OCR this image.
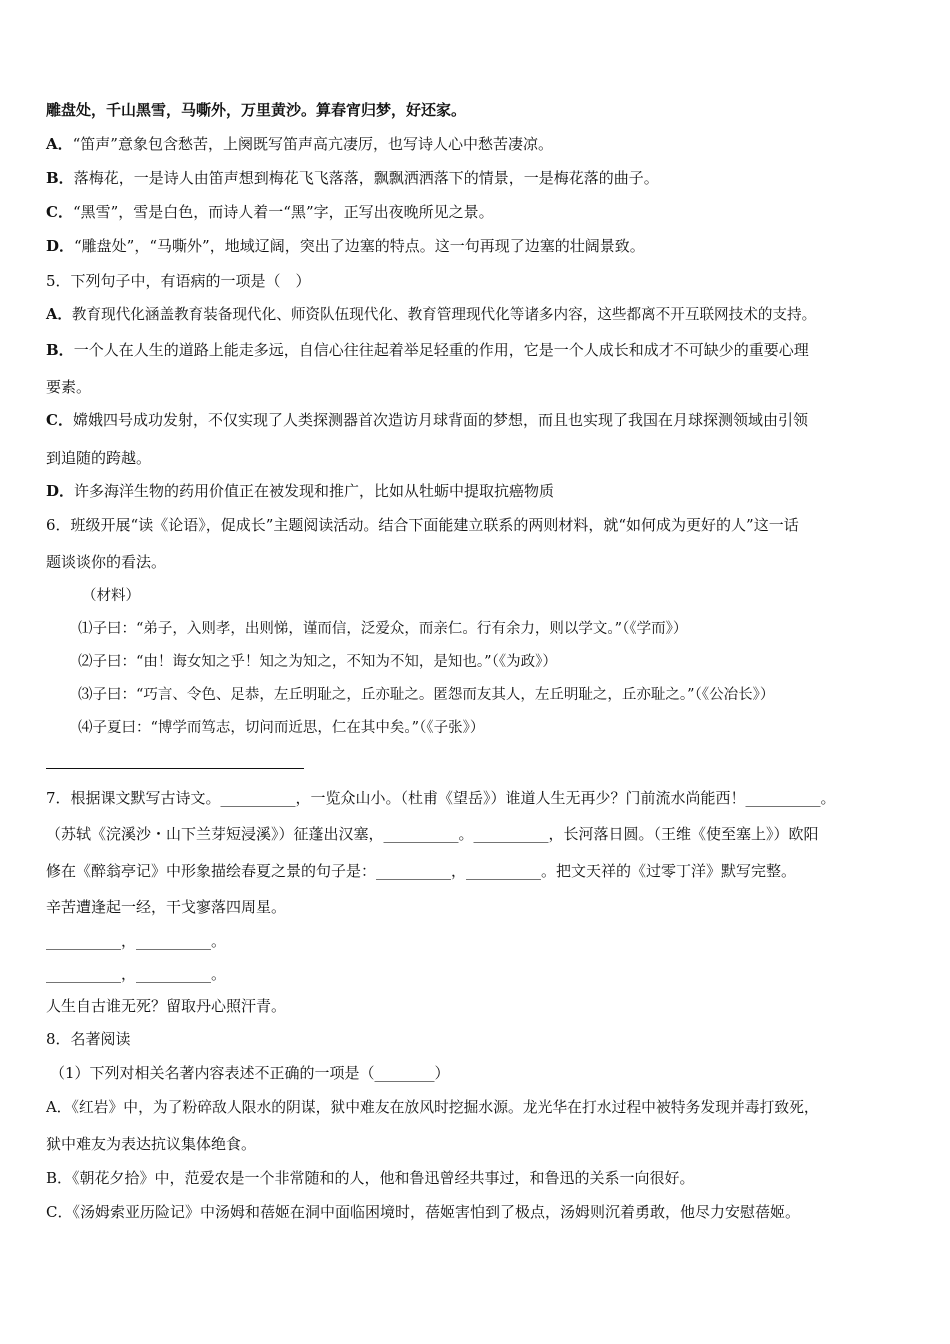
雕盘处，千山黑雪，马嘶外，万里黄沙。算春宵归梦，好还家。
A．“笛声”意象包含愁苦，上阕既写笛声高亢凄厉，也写诗人心中愁苦凄凉。
B．落梅花，一是诗人由笛声想到梅花飞飞落落，飘飘洒洒落下的情景，一是梅花落的曲子。
C．“黑雪”，雪是白色，而诗人着一“黑”字，正写出夜晚所见之景。
D．“雕盘处”，“马嘶外”，地域辽阔，突出了边塞的特点。这一句再现了边塞的壮阔景致。
5．下列句子中，有语病的一项是（　）
A．教育现代化涵盖教育装备现代化、师资队伍现代化、教育管理现代化等诸多内容，这些都离不开互联网技术的支持。
B．一个人在人生的道路上能走多远，自信心往往起着举足轻重的作用，它是一个人成长和成才不可缺少的重要心理
要素。
C．嫦娥四号成功发射，不仅实现了人类探测器首次造访月球背面的梦想，而且也实现了我国在月球探测领域由引领
到追随的跨越。
D．许多海洋生物的药用价值正在被发现和推广，比如从牡蛎中提取抗癌物质
6．班级开展“读《论语》，促成长”主题阅读活动。结合下面能建立联系的两则材料，就“如何成为更好的人”这一话
题谈谈你的看法。
（材料）
⑴子曰：“弟子，入则孝，出则悌，谨而信，泛爱众，而亲仁。行有余力，则以学文。”（《学而》）
⑵子曰：“由！诲女知之乎！知之为知之，不知为不知，是知也。”（《为政》）
⑶子曰：“巧言、令色、足恭，左丘明耻之，丘亦耻之。匿怨而友其人，左丘明耻之，丘亦耻之。”（《公冶长》）
⑷子夏曰：“博学而笃志，切问而近思，仁在其中矣。”（《子张》）
7．根据课文默写古诗文。__________，一览众山小。（杜甫《望岳》）谁道人生无再少？门前流水尚能西！__________。
（苏轼《浣溪沙・山下兰芽短浸溪》）征蓬出汉塞，__________。__________，长河落日圆。（王维《使至塞上》）欧阳
修在《醉翁亭记》中形象描绘春夏之景的句子是：__________，__________。把文天祥的《过零丁洋》默写完整。
辛苦遭逢起一经，干戈寥落四周星。
__________，__________。
__________，__________。
人生自古谁无死？留取丹心照汗青。
8．名著阅读
（1）下列对相关名著内容表述不正确的一项是（________）
A．《红岩》中，为了粉碎敌人限水的阴谋，狱中难友在放风时挖掘水源。龙光华在打水过程中被特务发现并毒打致死，
狱中难友为表达抗议集体绝食。
B．《朝花夕拾》中，范爱农是一个非常随和的人，他和鲁迅曾经共事过，和鲁迅的关系一向很好。
C．《汤姆索亚历险记》中汤姆和蓓姬在洞中面临困境时，蓓姬害怕到了极点，汤姆则沉着勇敢，他尽力安慰蓓姬。
